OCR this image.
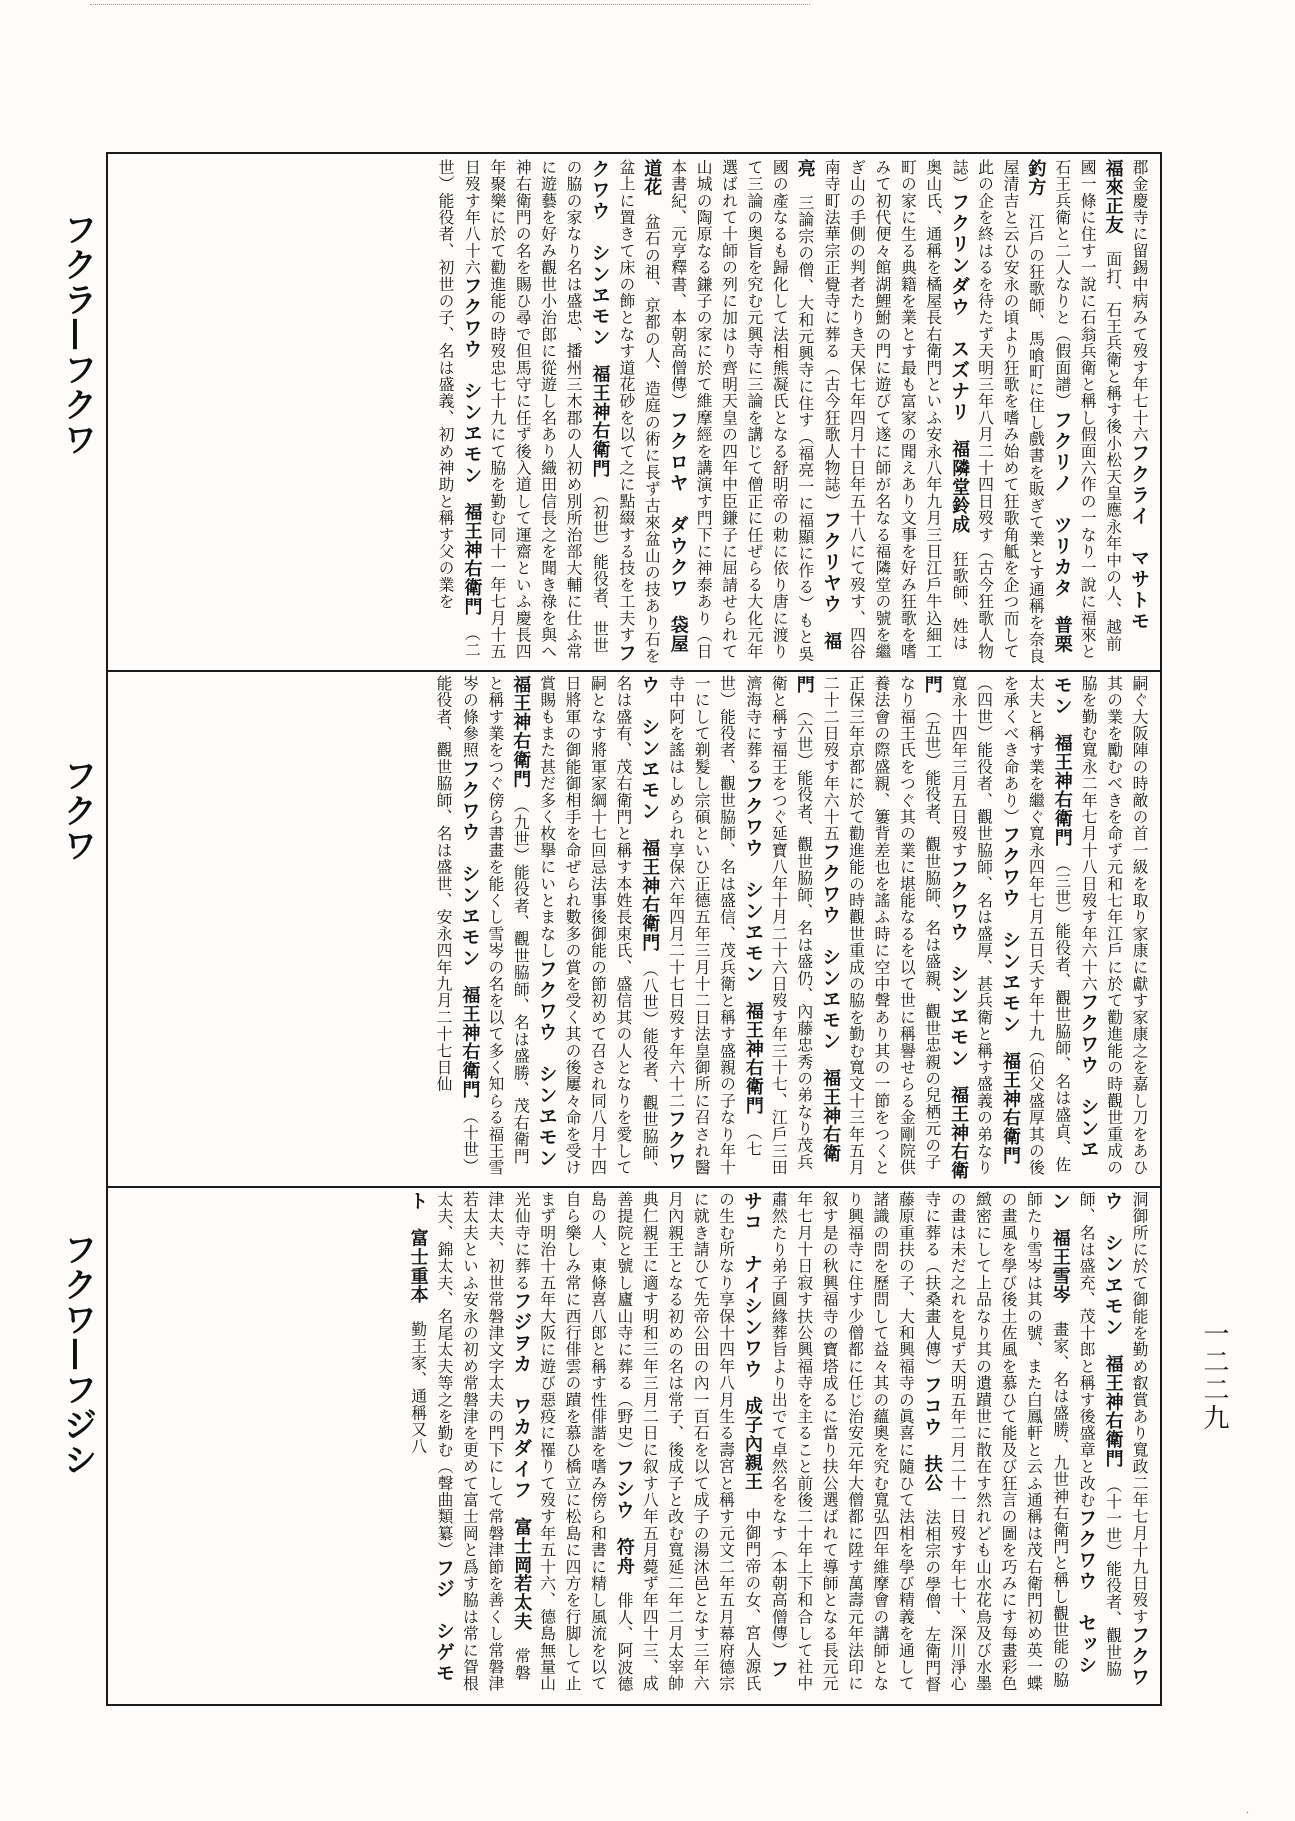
フクラ—フクワ
フクワ
フクワ—フジシ
郡金慶寺に留錫中病みて歿す年七十六フクライ　マサトモ　福來正友　面打、石王兵衛と稱す後小松天皇應永年中の人、越前國一條に住す一說に石翁兵衛と稱し假面六作の一なり一說に福來と石王兵衛と二人なりと（假面譜）フクリノ　ツリカタ　普栗釣方　江戶の狂歌師、馬喰町に住し戲書を販ぎて業とす通稱を奈良屋清吉と云ひ安永の頃より狂歌を嗜み始めて狂歌角觝を企つ而して此の企を終はるを待たず天明三年八月二十四日歿す（古今狂歌人物誌）フクリンダウ　スズナリ　福隣堂鈴成　狂歌師、姓は奥山氏、通稱を橘屋長右衛門といふ安永八年九月三日江戶牛込細工町の家に生る典籍を業とす最も富家の聞えあり文事を好み狂歌を嗜みて初代便々館湖鯉鮒の門に遊びて遂に師が名なる福隣堂の號を繼ぎ山の手側の判者たりき天保七年四月十日年五十八にて歿す、四谷南寺町法華宗正覺寺に葬る（古今狂歌人物誌）フクリヤウ　福亮　三論宗の僧、大和元興寺に住す（福亮一に福顯に作る）もと吳國の產なるも歸化して法相熊凝氏となる舒明帝の勅に依り唐に渡りて三論の奥旨を究む元興寺に三論を講じて僧正に任ぜらる大化元年選ばれて十師の列に加はり齊明天皇の四年中臣鎌子に屈請せられて山城の陶原なる鎌子の家に於て維摩經を講演す門下に神泰あり（日本書紀、元亨釋書、本朝高僧傳）フクロヤ　ダウクワ　袋屋道花　盆石の祖、京都の人、造庭の術に長ず古來盆山の技あり石を盆上に置きて床の飾となす道花砂を以て之に點綴する技を工夫すフクワウ　シンヱモン　福王神右衛門　（初世）能役者、世世の脇の家なり名は盛忠、播州三木郡の人初め別所治部大輔に仕ふ常に遊藝を好み觀世小治郎に從遊し名あり織田信長之を聞き祿を與へ神右衛門の名を賜ひ尋で但馬守に任ず後入道して運齋といふ慶長四年聚樂に於て勸進能の時歿忠七十九にて脇を勤む同十一年七月十五日歿す年八十六フクワウ　シンヱモン　福王神右衛門　（二世）能役者、初世の子、名は盛義、初め神助と稱す父の業を
嗣ぐ大阪陣の時敵の首一級を取り家康に獻す家康之を嘉し刀をあひ其の業を勵むべきを命ず元和七年江戶に於て勸進能の時觀世重成の脇を勤む寬永二年七月十八日歿す年六十六フクワウ　シンヱモン　福王神右衛門　（三世）能役者、觀世脇師、名は盛貞、佐太夫と稱す業を繼ぐ寬永四年七月五日夭す年十九（伯父盛厚其の後を承くべき命あり）フクワウ　シンヱモン　福王神右衛門　（四世）能役者、觀世脇師、名は盛厚、甚兵衛と稱す盛義の弟なり寬永十四年三月五日歿すフクワウ　シンヱモン　福王神右衛門　（五世）能役者、觀世脇師、名は盛親、觀世忠親の兒栖元の子なり福王氏をつぐ其の業に堪能なるを以て世に稱譽せらる金剛院供養法會の際盛親、簍背差也を謠ふ時に空中聲あり其の一節をつくと正保三年京都に於て勸進能の時觀世重成の脇を勤む寬文十三年五月二十二日歿す年六十五フクワウ　シンヱモン　福王神右衛門　（六世）能役者、觀世脇師、名は盛仍、內藤忠秀の弟なり茂兵衛と稱す福王をつぐ延寶八年十月二十六日歿す年三十七、江戶三田濟海寺に葬るフクワウ　シンヱモン　福王神右衛門　（七世）能役者、觀世脇師、名は盛信、茂兵衛と稱す盛親の子なり年十一にして剃髮し宗碩といひ正德五年三月十二日法皇御所に召され醫寺中阿を謠はしめられ享保六年四月二十七日歿す年六十二フクワウ　シンヱモン　福王神右衛門　（八世）能役者、觀世脇師、名は盛有、茂右衛門と稱す本姓長束氏、盛信其の人となりを愛して嗣となす將軍家綱十七回忌法事後御能の節初めて召され同八月十四日將軍の御能御相手を命ぜられ數多の賞を受く其の後屢々命を受け賞賜もまた甚だ多く枚擧にいとまなしフクワウ　シンヱモン　福王神右衛門　（九世）能役者、觀世脇師、名は盛勝、茂右衛門と稱す業をつぐ傍ら書畫を能くし雪岑の名を以て多く知らる福王雪岑の條參照フクワウ　シンヱモン　福王神右衛門　（十世）能役者、觀世脇師、名は盛世、安永四年九月二十七日仙
洞御所に於て御能を勤め叡賞あり寬政二年七月十九日歿すフクワウ　シンヱモン　福王神右衛門　（十一世）能役者、觀世脇師、名は盛充、茂十郎と稱す後盛章と改むフクワウ　セッシン　福王雪岑　畫家、名は盛勝、九世神右衛門と稱し觀世能の脇師たり雪岑は其の號、また白鳳軒と云ふ通稱は茂右衛門初め英一蝶の畫風を學び後土佐風を慕ひて能及び狂言の圖を巧みにす每畫彩色緻密にして上品なり其の遺蹟世に散在す然れども山水花鳥及び水墨の畫は未だ之れを見ず天明五年二月二十一日歿す年七十、深川淨心寺に葬る（扶桑畫人傳）フコウ　扶公　法相宗の學僧、左衛門督藤原重扶の子、大和興福寺の眞喜に隨ひて法相を學び精義を通して諸識の問を歷問して益々其の蘊奧を究む寬弘四年維摩會の講師となり興福寺に住す少僧都に任じ治安元年大僧都に陞す萬壽元年法印に叙す是の秋興福寺の寶塔成るに當り扶公選ばれて導師となる長元元年七月十日寂す扶公興福寺を主ること前後二十年上下和合して社中肅然たり弟子圓緣葬旨より出でて卓然名をなす（本朝高僧傳）フサコ　ナイシンワウ　成子內親王　中御門帝の女、宮人源氏の生む所なり享保十四年八月生る壽宮と稱す元文二年五月幕府德宗に就き請ひて先帝公田の內一百石を以て成子の湯沐邑となす三年六月內親王となる初めの名は常子、後成子と改む寬延二年二月太宰帥典仁親王に適す明和三年三月二日に叙す八年五月薨ず年四十三、成善提院と號し廬山寺に葬る（野史）フシウ　符舟　俳人、阿波德島の人、東條喜八郎と稱す性俳諧を嗜み傍ら和書に精し風流を以て自ら樂しみ常に西行俳雲の蹟を慕ひ橋立に松島に四方を行脚して止まず明治十五年大阪に遊び惡疫に罹りて歿す年五十六、德島無量山光仙寺に葬るフジヲカ　ワカダイフ　富士岡若太夫　常磐津太夫、初世常磐津文字太夫の門下にして常磐津節を善くし常磐津若太夫といふ安永の初め常磐津を更めて富士岡と爲す脇は常に眢根太夫、錦太夫、名尾太夫等之を勤む（聲曲類纂）フジ　シゲモト　富士重本　勤王家、通稱又八	一二二九
·
